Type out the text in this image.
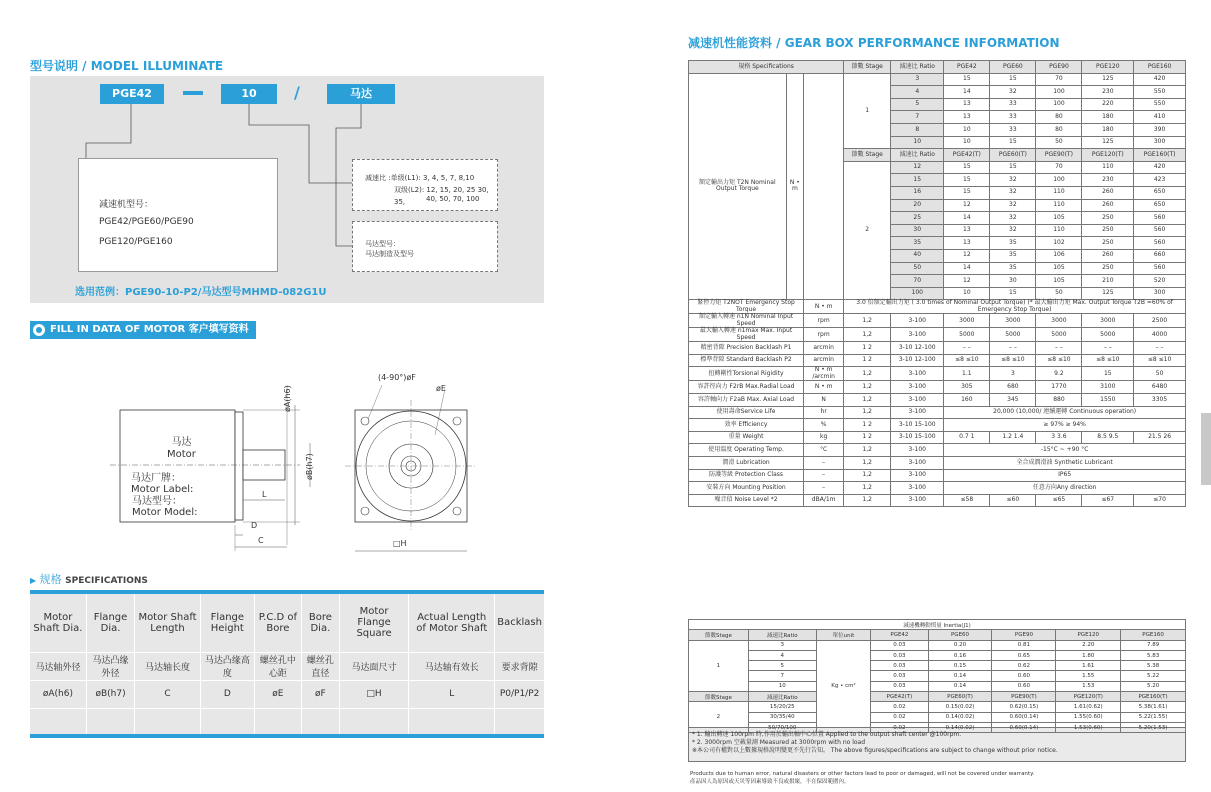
型号说明 / MODEL ILLUMINATE
PGE42	10	/	马达
减速机型号：
PGE42/PGE60/PGE90
PGE120/PGE160
减速比 :单级(L1): 3, 4, 5, 7, 8,10
双级(L2): 12, 15, 20, 25 30, 35,	40, 50, 70, 100
马达型号：
马达制造及型号
选用范例：PGE90-10-P2/马达型号MHMD-082G1U
FILL IN DATA OF MOTOR 客户填写资料
马达
Motor
马达厂牌：
Motor Label:
马达型号：
Motor Model:
øA(h6)
øB(h7)
L
D
C
(4-90°)øF
øE
□H
▶ 规格 SPECIFICATIONS
Motor Shaft Dia.	Flange Dia.	Motor Shaft Length	Flange Height	P.C.D of Bore	Bore Dia.	Motor Flange Square	Actual Length of Motor Shaft	Backlash
马达轴外径	马达凸缘外径	马达轴长度	马达凸缘高度	螺丝孔中心距	螺丝孔直径	马达面尺寸	马达轴有效长	要求背隙
øA(h6)	øB(h7)	C	D	øE	øF	□H	L	P0/P1/P2

减速机性能资料 / GEAR BOX PERFORMANCE INFORMATION
規格 Specifications			節數 Stage	減速比 Ratio	PGE42	PGE60	PGE90	PGE120	PGE160
額定輸出力矩 T2N Nominal Output Torque	N • m		1	3	15	15	70	125	420
				4	14	32	100	230	550
				5	13	33	100	220	550
				7	13	33	80	180	410
				8	10	33	80	180	390
				10	10	15	50	125	300
			節數 Stage	減速比 Ratio	PGE42(T)	PGE60(T)	PGE90(T)	PGE120(T)	PGE160(T)
			2	12	15	15	70	110	420
				15	15	32	100	230	423
				16	15	32	110	260	650
				20	12	32	110	260	650
				25	14	32	105	250	560
				30	13	32	110	250	560
				35	13	35	102	250	560
				40	12	35	106	260	660
				50	14	35	105	250	560
				70	12	30	105	210	520
				100	10	15	50	125	300
緊停力矩 T2NOT Emergency Stop Torque		N • m	3.0 倍額定輸出力矩 ( 3.0 times of Nominal Output Torque) (* 最大輸出力矩 Max. Output Torque T2B =60% of Emergency Stop Torque)						
額定輸入轉速 n1N Nominal Input Speed		rpm	1,2	3-100	3000	3000	3000	3000	2500
最大輸入轉速 n1max Max. Input Speed		rpm	1,2	3-100	5000	5000	5000	5000	4000
精密背隙 Precision Backlash P1		arcmin	1 2	3-10 12-100	– –	– –	– –	– –	– –
標準背隙 Standard Backlash P2		arcmin	1 2	3-10 12-100	≤8 ≤10	≤8 ≤10	≤8 ≤10	≤8 ≤10	≤8 ≤10
扭轉剛性Torsional Rigidity		N • m /arcmin	1,2	3-100	1.1	3	9.2	15	50
容許徑向力 F2rB Max.Radial Load		N • m	1,2	3-100	305	680	1770	3100	6480
容許軸向力 F2aB Max. Axial Load		N	1,2	3-100	160	345	880	1550	3305
使用壽命Service Life		hr	1,2	3-100	20,000 (10,000/ 連續運轉 Continuous operation)				
效率 Efficiency		%	1 2	3-10 15-100	≥ 97% ≥ 94%				
重量 Weight		kg	1 2	3-10 15-100	0.7 1	1.2 1.4	3 3.6	8.5 9.5	21.5 26
使用溫度 Operating Temp.		°C	1,2	3-100	-15°C ~ +90 °C				
潤滑 Lubrication		–	1,2	3-100	全合成潤滑油 Synthetic Lubricant				
防護等級 Protection Class		–	1,2	3-100	IP65				
安裝方向 Mounting Position		–	1,2	3-100	任意方向Any direction				
噪音值 Noise Level *2		dBA/1m	1,2	3-100	≤58	≤60	≤65	≤67	≤70
減速機轉動慣量 Inertia(J1)							
節數Stage	減速比Ratio	單位unit	PGE42	PGE60	PGE90	PGE120	PGE160
1	3	Kg • cm²	0.03	0.20	0.81	2.20	7.89
	4		0.03	0.16	0.65	1.80	5.83
	5		0.03	0.15	0.62	1.61	5.38
	7		0.03	0.14	0.60	1.55	5.22
	10		0.03	0.14	0.60	1.53	5.20
節數Stage	減速比Ratio		PGE42(T)	PGE60(T)	PGE90(T)	PGE120(T)	PGE160(T)
2	15/20/25		0.02	0.15(0.02)	0.62(0.15)	1.61(0.62)	5.38(1.61)
	30/35/40		0.02	0.14(0.02)	0.60(0.14)	1.55(0.60)	5.22(1.55)
	50/70/100		0.02	0.14(0.02)	0.60(0.14)	1.53(0.60)	5.20(1.53)
* 1. 輸出轉速 100rpm 時,作用於輸出軸中心位置 Applied to the output shaft center @100rpm.
* 2. 3000rpm 空載量測 Measured at 3000rpm with no load
※本公司有權對以上數據規格說明變更不先行告知。 The above figures/specifications are subject to change without prior notice.
Products due to human error, natural disasters or other factors lead to poor or damaged, will not be covered under warranty.
產品因人為原因或天災等因素導致不良或損壞，不在保固範圍內。
